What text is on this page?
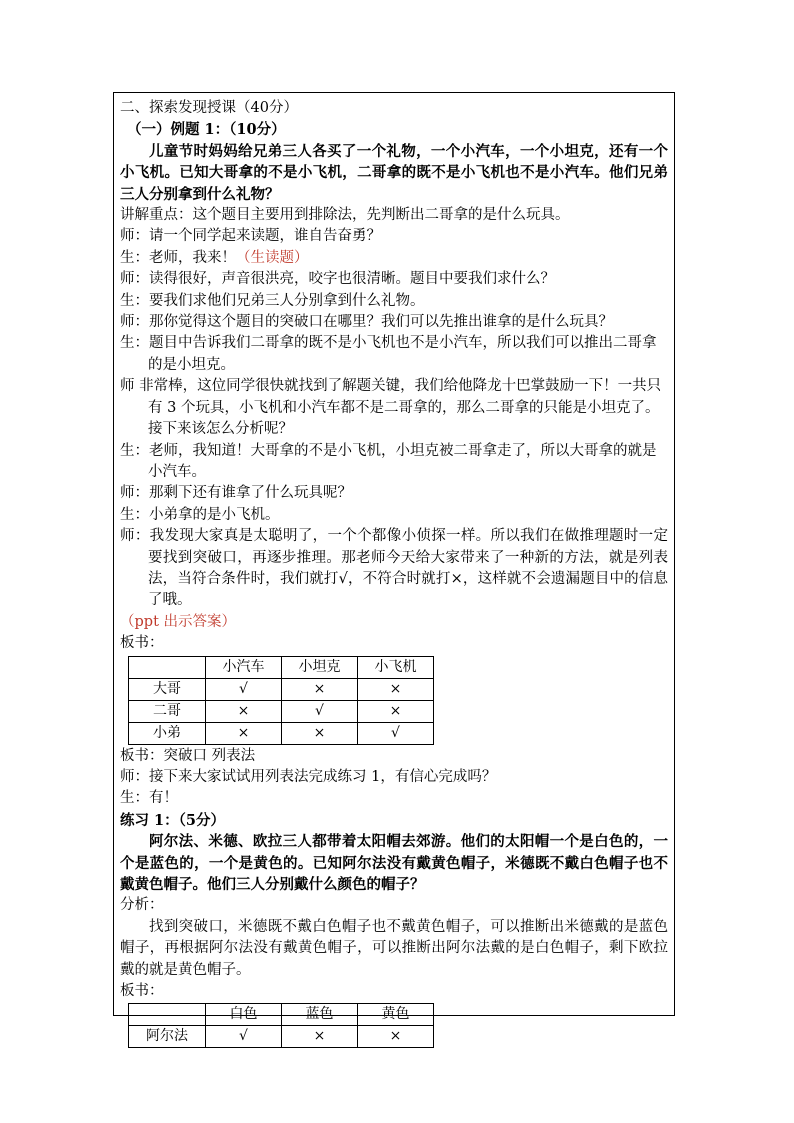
二、探索发现授课（40分）
（一）例题 1：（10分）
儿童节时妈妈给兄弟三人各买了一个礼物，一个小汽车，一个小坦克，还有一个小飞机。已知大哥拿的不是小飞机，二哥拿的既不是小飞机也不是小汽车。他们兄弟三人分别拿到什么礼物？
讲解重点：这个题目主要用到排除法，先判断出二哥拿的是什么玩具。
师：请一个同学起来读题，谁自告奋勇？
生：老师，我来！（生读题）
师：读得很好，声音很洪亮，咬字也很清晰。题目中要我们求什么？
生：要我们求他们兄弟三人分别拿到什么礼物。
师：那你觉得这个题目的突破口在哪里？我们可以先推出谁拿的是什么玩具？
生：题目中告诉我们二哥拿的既不是小飞机也不是小汽车，所以我们可以推出二哥拿的是小坦克。
师 非常棒，这位同学很快就找到了解题关键，我们给他降龙十巴掌鼓励一下！一共只有 3 个玩具，小飞机和小汽车都不是二哥拿的，那么二哥拿的只能是小坦克了。接下来该怎么分析呢？
生：老师，我知道！大哥拿的不是小飞机，小坦克被二哥拿走了，所以大哥拿的就是小汽车。
师：那剩下还有谁拿了什么玩具呢？
生：小弟拿的是小飞机。
师：我发现大家真是太聪明了，一个个都像小侦探一样。所以我们在做推理题时一定要找到突破口，再逐步推理。那老师今天给大家带来了一种新的方法，就是列表法，当符合条件时，我们就打√，不符合时就打×，这样就不会遗漏题目中的信息了哦。
（ppt 出示答案）
板书：
	小汽车	小坦克	小飞机
大哥	√	×	×
二哥	×	√	×
小弟	×	×	√
板书：突破口 列表法
师：接下来大家试试用列表法完成练习 1，有信心完成吗？
生：有！
练习 1：（5分）
阿尔法、米德、欧拉三人都带着太阳帽去郊游。他们的太阳帽一个是白色的，一个是蓝色的，一个是黄色的。已知阿尔法没有戴黄色帽子，米德既不戴白色帽子也不戴黄色帽子。他们三人分别戴什么颜色的帽子？
分析：
找到突破口，米德既不戴白色帽子也不戴黄色帽子，可以推断出米德戴的是蓝色帽子，再根据阿尔法没有戴黄色帽子，可以推断出阿尔法戴的是白色帽子，剩下欧拉戴的就是黄色帽子。
板书：
	白色	蓝色	黄色
阿尔法	√	×	×
